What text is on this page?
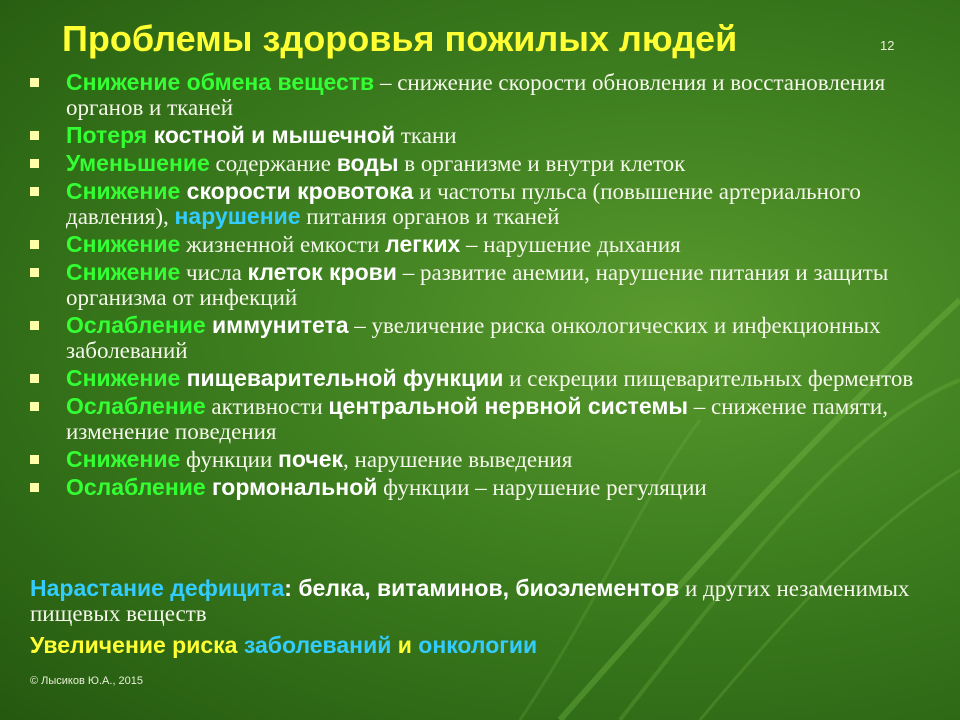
Проблемы здоровья пожилых людей	12
Снижение обмена веществ – снижение скорости обновления и восстановления органов и тканей
Потеря костной и мышечной ткани
Уменьшение содержание воды в организме и внутри клеток
Снижение скорости кровотока и частоты пульса (повышение артериального давления), нарушение питания органов и тканей
Снижение жизненной емкости легких – нарушение дыхания
Снижение числа клеток крови – развитие анемии, нарушение питания и защиты организма от инфекций
Ослабление иммунитета – увеличение риска онкологических и инфекционных заболеваний
Снижение пищеварительной функции и секреции пищеварительных ферментов
Ослабление активности центральной нервной системы – снижение памяти, изменение поведения
Снижение функции почек, нарушение выведения
Ослабление гормональной функции – нарушение регуляции
Нарастание дефицита: белка, витаминов, биоэлементов и других незаменимых пищевых веществ
Увеличение риска заболеваний и онкологии
© Лысиков Ю.А., 2015
